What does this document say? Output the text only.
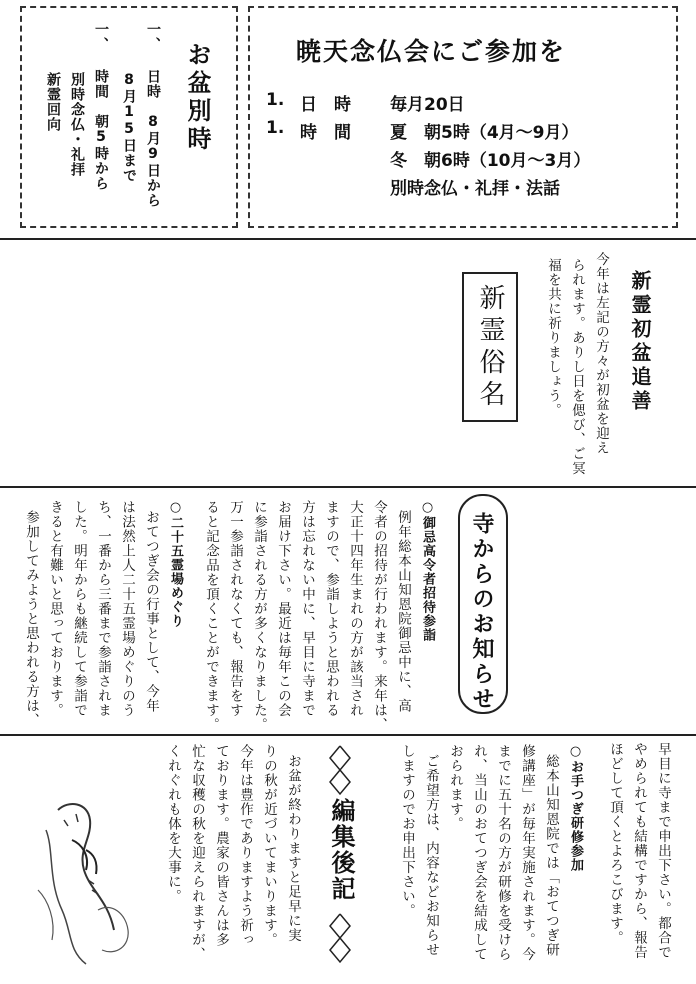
お盆別時
一、 日時　8月9日から
8月15日まで
一、 時間　朝5時から
別時念仏・礼拝
新霊回向
暁天念仏会にご参加を
1. 日　時 毎月20日
1. 時　間 夏　朝5時（4月～9月）
冬　朝6時（10月～3月）
別時念仏・礼拝・法話
新霊初盆追善
今年は左記の方々が初盆を迎え
られます。ありし日を偲び、ご冥
福を共に祈りましょう。
新霊俗名
寺からのお知らせ
○御忌高令者招待参詣
例年総本山知恩院御忌中に、高
令者の招待が行われます。来年は、
大正十四年生まれの方が該当され
ますので、参詣しようと思われる
方は忘れない中に、早目に寺まで
お届け下さい。最近は毎年この会
に参詣される方が多くなりました。
万一参詣されなくても、報告をす
ると記念品を頂くことができます。
○二十五霊場めぐり
おてつぎ会の行事として、今年
は法然上人二十五霊場めぐりのう
ち、一番から三番まで参詣されま
した。明年からも継続して参詣で
きると有難いと思っております。
参加してみようと思われる方は、
早目に寺まで申出下さい。都合で
やめられても結構ですから、報告
ほどして頂くとよろこびます。
○お手つぎ研修参加
総本山知恩院では「おてつぎ研
修講座」が毎年実施されます。今
までに五十名の方が研修を受けら
れ、当山のおてつぎ会を結成して
おられます。
ご希望方は、内容などお知らせ
しますのでお申出下さい。
編集後記
お盆が終わりますと足早に実
りの秋が近づいてまいります。
今年は豊作でありますよう祈っ
ております。農家の皆さんは多
忙な収穫の秋を迎えられますが、
くれぐれも体を大事に。
